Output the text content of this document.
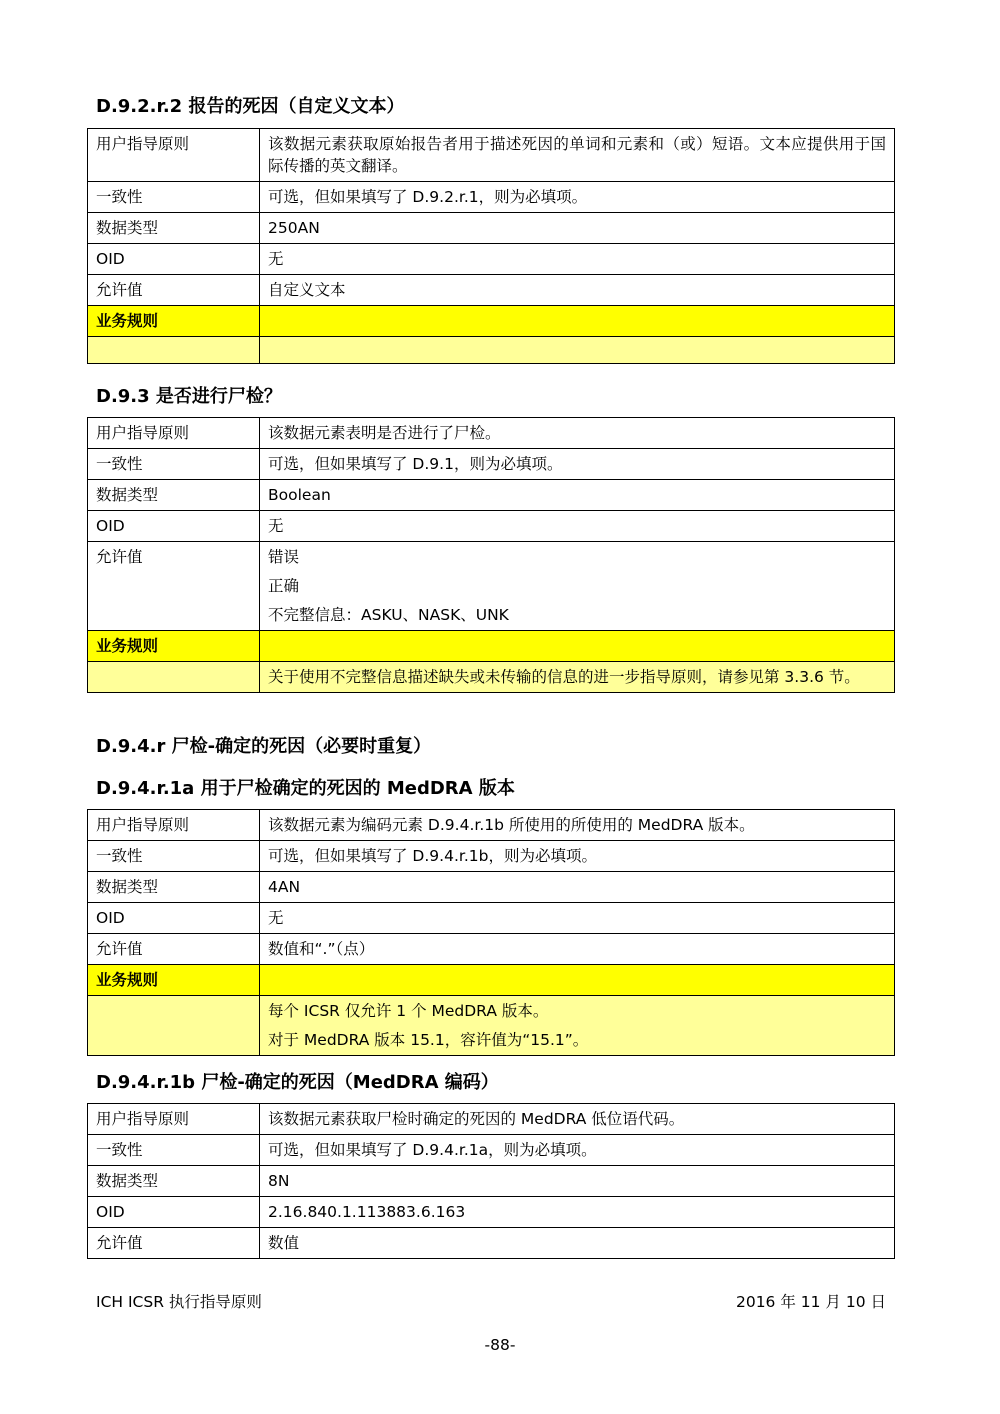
D.9.2.r.2 报告的死因（自定义文本）
用户指导原则	该数据元素获取原始报告者用于描述死因的单词和元素和（或）短语。文本应提供用于国际传播的英文翻译。
一致性	可选，但如果填写了 D.9.2.r.1，则为必填项。
数据类型	250AN
OID	无
允许值	自定义文本
业务规则	

D.9.3 是否进行尸检？
用户指导原则	该数据元素表明是否进行了尸检。
一致性	可选，但如果填写了 D.9.1，则为必填项。
数据类型	Boolean
OID	无
允许值	错误
正确
不完整信息：ASKU、NASK、UNK

业务规则	
	关于使用不完整信息描述缺失或未传输的信息的进一步指导原则，请参见第 3.3.6 节。
D.9.4.r 尸检-确定的死因（必要时重复）
D.9.4.r.1a 用于尸检确定的死因的 MedDRA 版本
用户指导原则	该数据元素为编码元素 D.9.4.r.1b 所使用的所使用的 MedDRA 版本。
一致性	可选，但如果填写了 D.9.4.r.1b，则为必填项。
数据类型	4AN
OID	无
允许值	数值和“.”（点）
业务规则	

	每个 ICSR 仅允许 1 个 MedDRA 版本。
对于 MedDRA 版本 15.1，容许值为“15.1”。
D.9.4.r.1b 尸检-确定的死因（MedDRA 编码）
用户指导原则	该数据元素获取尸检时确定的死因的 MedDRA 低位语代码。
一致性	可选，但如果填写了 D.9.4.r.1a，则为必填项。
数据类型	8N
OID	2.16.840.1.113883.6.163
允许值	数值
ICH ICSR 执行指导原则	2016 年 11 月 10 日
-88-
